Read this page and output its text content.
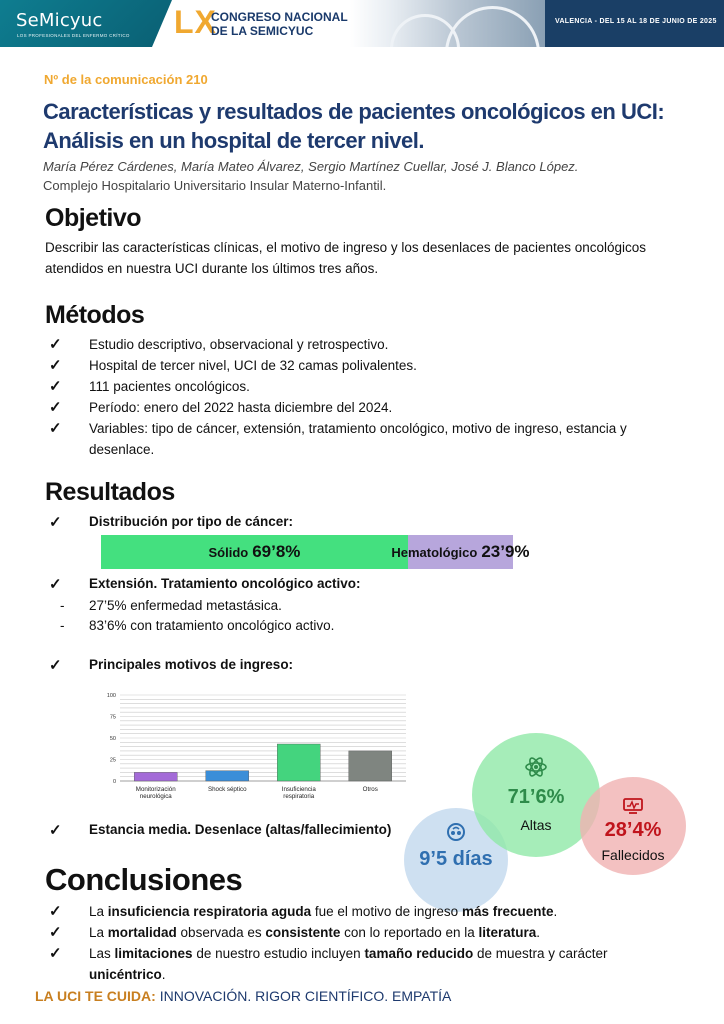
SeMicyuc
LOS PROFESIONALES DEL ENFERMO CRÍTICO LX
CONGRESO NACIONAL
DE LA SEMICYUC
VALENCIA - DEL 15 AL 18 DE JUNIO DE 2025
Nº de la comunicación 210
Características y resultados de pacientes oncológicos en UCI: Análisis en un hospital de tercer nivel.
María Pérez Cárdenes, María Mateo Álvarez, Sergio Martínez Cuellar, José J. Blanco López.
Complejo Hospitalario Universitario Insular Materno-Infantil.
Objetivo
Describir las características clínicas, el motivo de ingreso y los desenlaces de pacientes oncológicos atendidos en nuestra UCI durante los últimos tres años.
Métodos
✓ Estudio descriptivo, observacional y retrospectivo.
✓ Hospital de tercer nivel, UCI de 32 camas polivalentes.
✓ 111 pacientes oncológicos.
✓ Período: enero del 2022 hasta diciembre del 2024.
✓ Variables: tipo de cáncer, extensión, tratamiento oncológico, motivo de ingreso, estancia y desenlace.
Resultados
✓ Distribución por tipo de cáncer:
Sólido 69’8%	Hematológico 23’9%
✓ Extensión. Tratamiento oncológico activo:
- 27’5% enfermedad metastásica.
- 83’6% con tratamiento oncológico activo.
✓ Principales motivos de ingreso:
0
25
50
75
100
Monitorización
neurológica
Shock séptico	Insuficiencia
respiratoria
Otros
✓ Estancia media. Desenlace (altas/fallecimiento)
9’5 días
71’6%
Altas	28’4%
Fallecidos
Conclusiones
✓ La insuficiencia respiratoria aguda fue el motivo de ingreso más frecuente.
✓ La mortalidad observada es consistente con lo reportado en la literatura.
✓ Las limitaciones de nuestro estudio incluyen tamaño reducido de muestra y carácter unicéntrico.
LA UCI TE CUIDA: INNOVACIÓN. RIGOR CIENTÍFICO. EMPATÍA
